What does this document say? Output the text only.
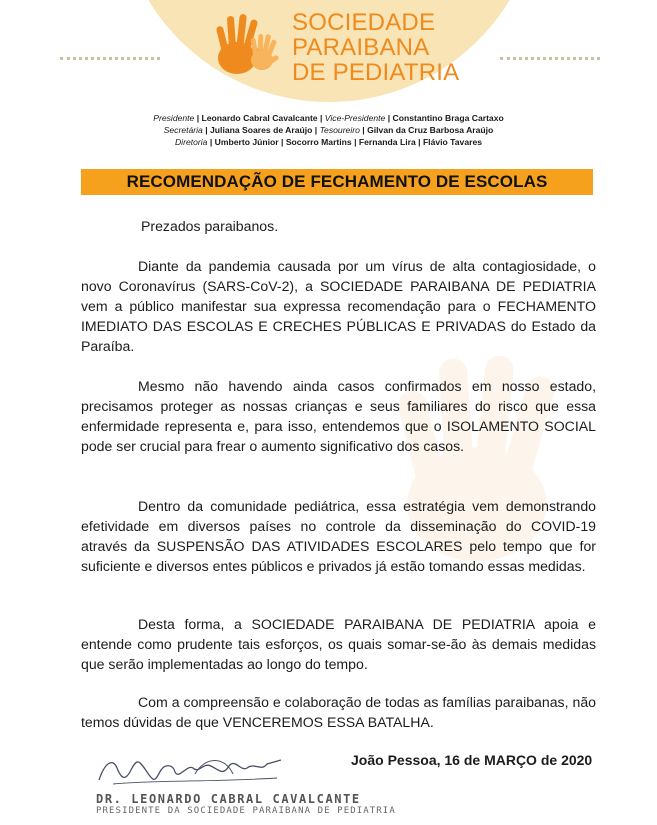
SOCIEDADE
PARAIBANA
DE PEDIATRIA
Presidente | Leonardo Cabral Cavalcante | Vice-Presidente | Constantino Braga Cartaxo
Secretária | Juliana Soares de Araújo | Tesoureiro | Gilvan da Cruz Barbosa Araújo
Diretoria | Umberto Júnior | Socorro Martins | Fernanda Lira | Flávio Tavares
RECOMENDAÇÃO DE FECHAMENTO DE ESCOLAS
Prezados paraibanos.
Diante da pandemia causada por um vírus de alta contagiosidade, o novo Coronavírus (SARS-CoV-2), a SOCIEDADE PARAIBANA DE PEDIATRIA vem a público manifestar sua expressa recomendação para o FECHAMENTO IMEDIATO DAS ESCOLAS E CRECHES PÚBLICAS E PRIVADAS do Estado da Paraíba.
Mesmo não havendo ainda casos confirmados em nosso estado, precisamos proteger as nossas crianças e seus familiares do risco que essa enfermidade representa e, para isso, entendemos que o ISOLAMENTO SOCIAL pode ser crucial para frear o aumento significativo dos casos.
Dentro da comunidade pediátrica, essa estratégia vem demonstrando efetividade em diversos países no controle da disseminação do COVID-19 através da SUSPENSÃO DAS ATIVIDADES ESCOLARES pelo tempo que for suficiente e diversos entes públicos e privados já estão tomando essas medidas.
Desta forma, a SOCIEDADE PARAIBANA DE PEDIATRIA apoia e entende como prudente tais esforços, os quais somar-se-ão às demais medidas que serão implementadas ao longo do tempo.
Com a compreensão e colaboração de todas as famílias paraibanas, não temos dúvidas de que VENCEREMOS ESSA BATALHA.
João Pessoa, 16 de MARÇO de 2020
DR. LEONARDO CABRAL CAVALCANTE
PRESIDENTE DA SOCIEDADE PARAIBANA DE PEDIATRIA
